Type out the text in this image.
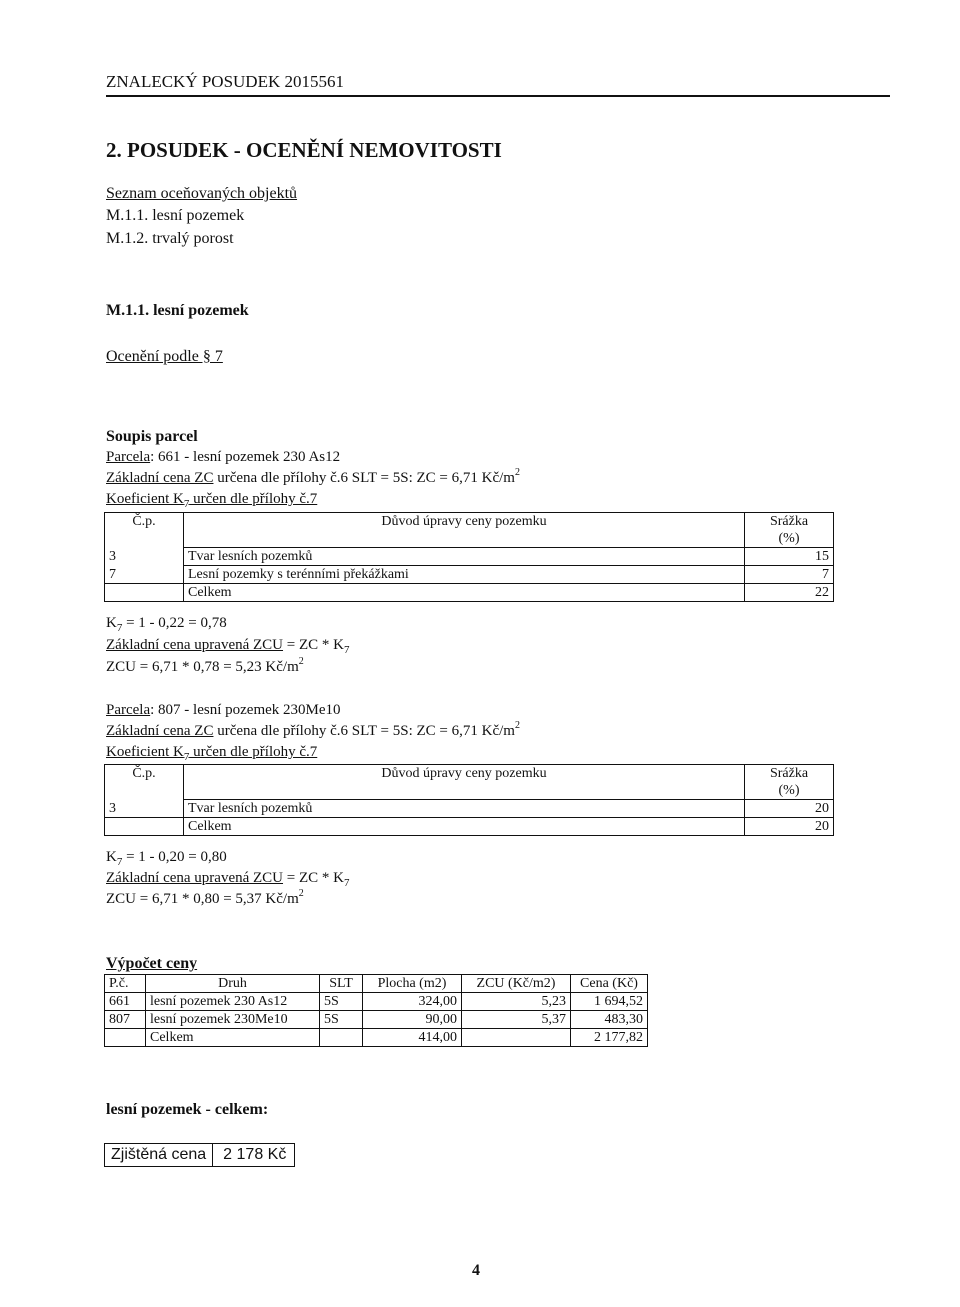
ZNALECKÝ POSUDEK 2015561
2. POSUDEK - OCENĚNÍ NEMOVITOSTI
Seznam oceňovaných objektů
M.1.1. lesní pozemek
M.1.2. trvalý porost
M.1.1. lesní pozemek
Ocenění podle § 7
Soupis parcel
Parcela: 661 - lesní pozemek 230 As12
Základní cena ZC určena dle přílohy č.6 SLT = 5S: ZC = 6,71 $Kč/m^2$
Koeficient $K_7$ určen dle přílohy č.7
Č.p.	Důvod úpravy ceny pozemku	Srážka
(%)
3	Tvar lesních pozemků	15
7	Lesní pozemky s terénními překážkami	7
	Celkem	22
$K_7 = 1 - 0,22 = 0,78$
Základní cena upravená ZCU = ZC * $K_7$
ZCU = 6,71 * 0,78 = 5,23 $Kč/m^2$
Parcela: 807 - lesní pozemek 230Me10
Základní cena ZC určena dle přílohy č.6 SLT = 5S: ZC = 6,71 $Kč/m^2$
Koeficient $K_7$ určen dle přílohy č.7
Č.p.	Důvod úpravy ceny pozemku	Srážka
(%)
3	Tvar lesních pozemků	20
	Celkem	20
$K_7 = 1 - 0,20 = 0,80$
Základní cena upravená ZCU = ZC * $K_7$
ZCU = 6,71 * 0,80 = 5,37 $Kč/m^2$
Výpočet ceny
P.č.	Druh	SLT	Plocha (m2)	ZCU (Kč/m2)	Cena (Kč)
661	lesní pozemek 230 As12	5S	324,00	5,23	1 694,52
807	lesní pozemek 230Me10	5S	90,00	5,37	483,30
	Celkem		414,00		2 177,82
lesní pozemek - celkem:
Zjištěná cena	2 178 Kč
4
